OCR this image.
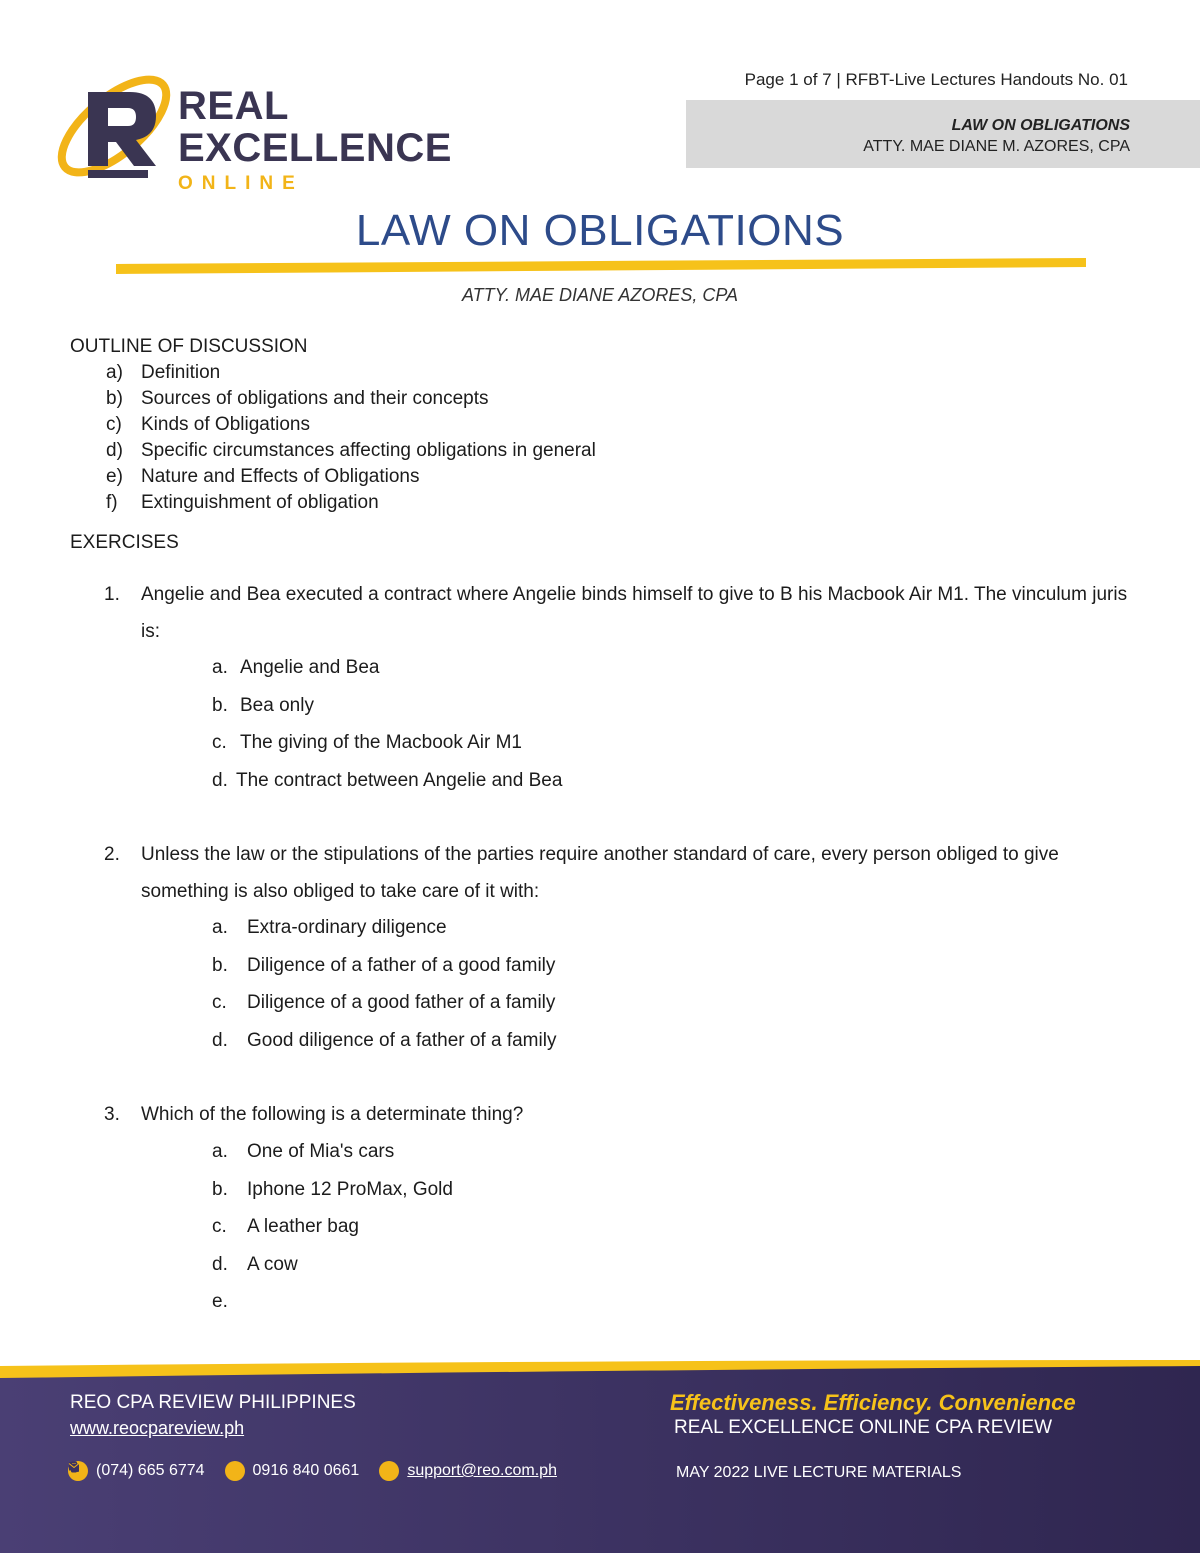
REAL
EXCELLENCE
ONLINE
Page 1 of 7 | RFBT-Live Lectures Handouts No. 01
LAW ON OBLIGATIONS
ATTY. MAE DIANE M. AZORES, CPA
LAW ON OBLIGATIONS
ATTY. MAE DIANE AZORES, CPA
OUTLINE OF DISCUSSION
a) Definition
b) Sources of obligations and their concepts
c)	Kinds of Obligations
d) Specific circumstances affecting obligations in general
e) Nature and Effects of Obligations
f)	Extinguishment of obligation
EXERCISES
1. Angelie and Bea executed a contract where Angelie binds himself to give to B his Macbook Air M1. The vinculum juris is:
a. Angelie and Bea
b. Bea only
c. The giving of the Macbook Air M1
d. The contract between Angelie and Bea
2. Unless the law or the stipulations of the parties require another standard of care, every person obliged to give something is also obliged to take care of it with:
a.	Extra-ordinary diligence
b.	Diligence of a father of a good family
c.	Diligence of a good father of a family
d.	Good diligence of a father of a family
3. Which of the following is a determinate thing?
a.	One of Mia's cars
b.	Iphone 12 ProMax, Gold
c.	A leather bag
d.	A cow
e.
REO CPA REVIEW PHILIPPINES
www.reocpareview.ph
Effectiveness. Efficiency. Convenience
REAL EXCELLENCE ONLINE CPA REVIEW
(074) 665 6774	0916 840 0661	support@reo.com.ph	MAY 2022 LIVE LECTURE MATERIALS
